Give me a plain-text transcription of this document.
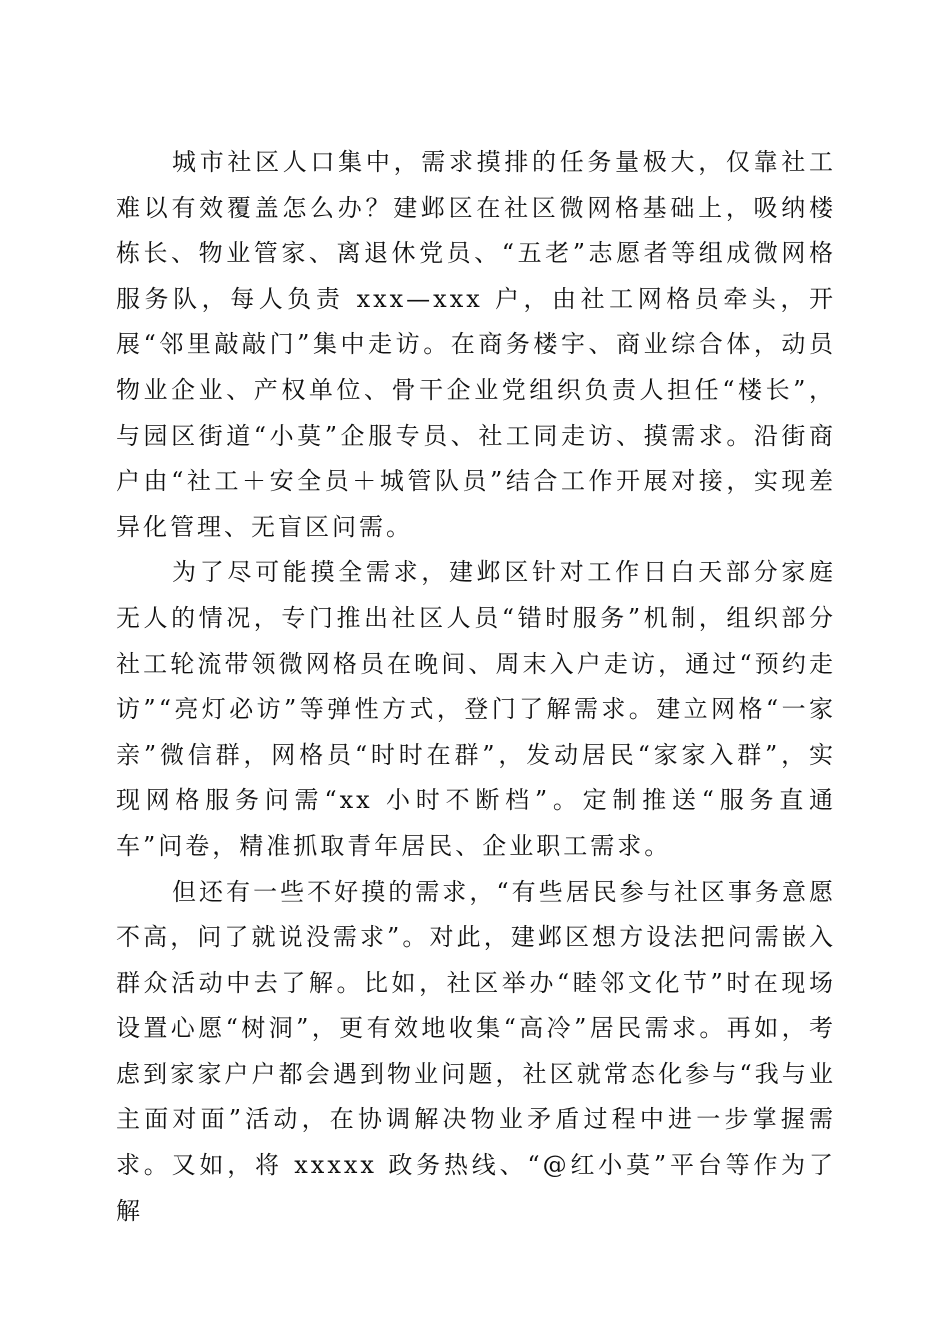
城市社区人口集中，需求摸排的任务量极大，仅靠社工难以有效覆盖怎么办？建邺区在社区微网格基础上，吸纳楼栋长、物业管家、离退休党员、“五老”志愿者等组成微网格服务队，每人负责 xxx—xxx 户，由社工网格员牵头，开展“邻里敲敲门”集中走访。在商务楼宇、商业综合体，动员物业企业、产权单位、骨干企业党组织负责人担任“楼长”，与园区街道“小莫”企服专员、社工同走访、摸需求。沿街商户由“社工＋安全员＋城管队员”结合工作开展对接，实现差异化管理、无盲区问需。

为了尽可能摸全需求，建邺区针对工作日白天部分家庭无人的情况，专门推出社区人员“错时服务”机制，组织部分社工轮流带领微网格员在晚间、周末入户走访，通过“预约走访”“亮灯必访”等弹性方式，登门了解需求。建立网格“一家亲”微信群，网格员“时时在群”，发动居民“家家入群”，实现网格服务问需“xx 小时不断档”。定制推送“服务直通车”问卷，精准抓取青年居民、企业职工需求。

但还有一些不好摸的需求，“有些居民参与社区事务意愿不高，问了就说没需求”。对此，建邺区想方设法把问需嵌入群众活动中去了解。比如，社区举办“睦邻文化节”时在现场设置心愿“树洞”，更有效地收集“高冷”居民需求。再如，考虑到家家户户都会遇到物业问题，社区就常态化参与“我与业主面对面”活动，在协调解决物业矛盾过程中进一步掌握需求。又如，将 xxxxx 政务热线、“@红小莫”平台等作为了解
